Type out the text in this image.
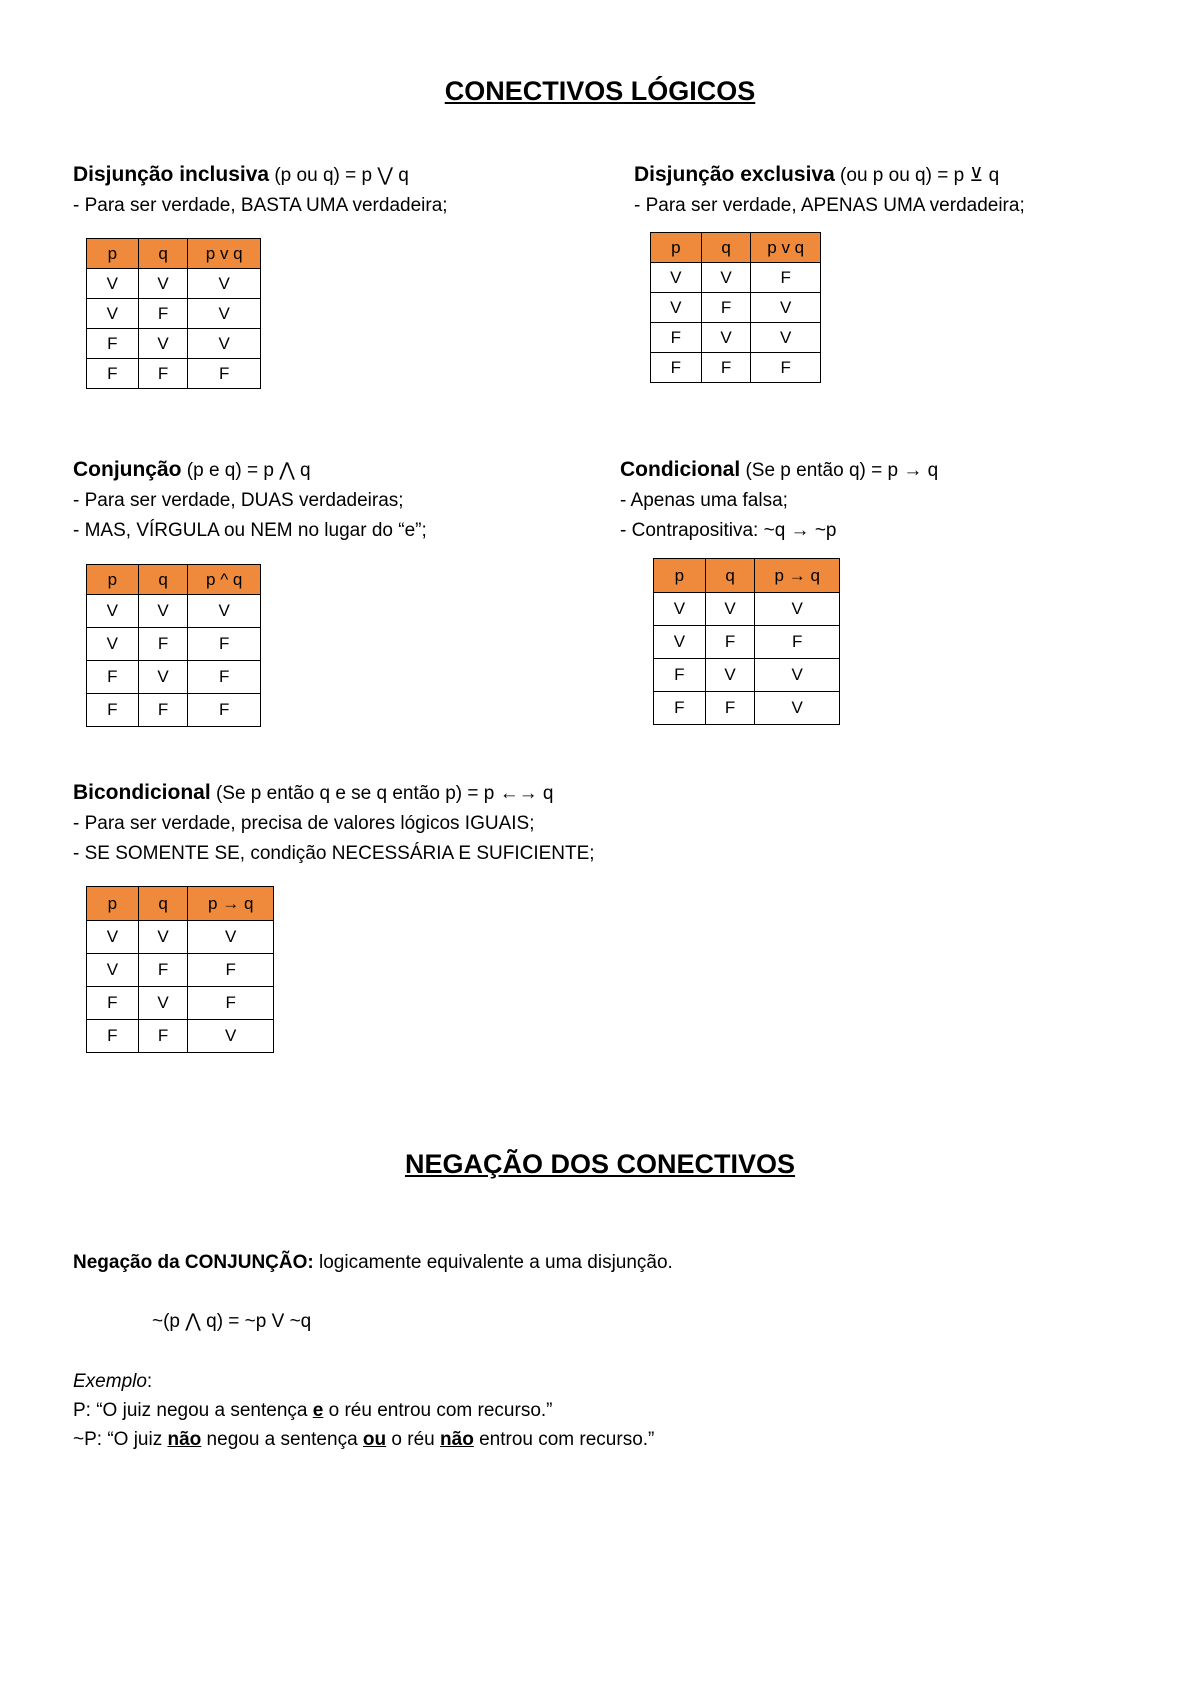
CONECTIVOS LÓGICOS
Disjunção inclusiva (p ou q) = p ⋁ q
- Para ser verdade, BASTA UMA verdadeira;
p	q	p v q
V	V	V
V	F	V
F	V	V
F	F	F
Disjunção exclusiva (ou p ou q) = p ⊻ q
- Para ser verdade, APENAS UMA verdadeira;
p	q	p v q
V	V	F
V	F	V
F	V	V
F	F	F
Conjunção (p e q) = p ⋀ q
- Para ser verdade, DUAS verdadeiras;
- MAS, VÍRGULA ou NEM no lugar do “e”;
p	q	p ^ q
V	V	V
V	F	F
F	V	F
F	F	F
Condicional (Se p então q) = p → q
- Apenas uma falsa;
- Contrapositiva: ~q → ~p
p	q	p → q
V	V	V
V	F	F
F	V	V
F	F	V
Bicondicional (Se p então q e se q então p) = p ←→ q
- Para ser verdade, precisa de valores lógicos IGUAIS;
- SE SOMENTE SE, condição NECESSÁRIA E SUFICIENTE;
p	q	p → q
V	V	V
V	F	F
F	V	F
F	F	V
NEGAÇÃO DOS CONECTIVOS
Negação da CONJUNÇÃO: logicamente equivalente a uma disjunção.
~(p ⋀ q) = ~p V ~q
Exemplo:
P: “O juiz negou a sentença e o réu entrou com recurso.”
~P: “O juiz não negou a sentença ou o réu não entrou com recurso.”
